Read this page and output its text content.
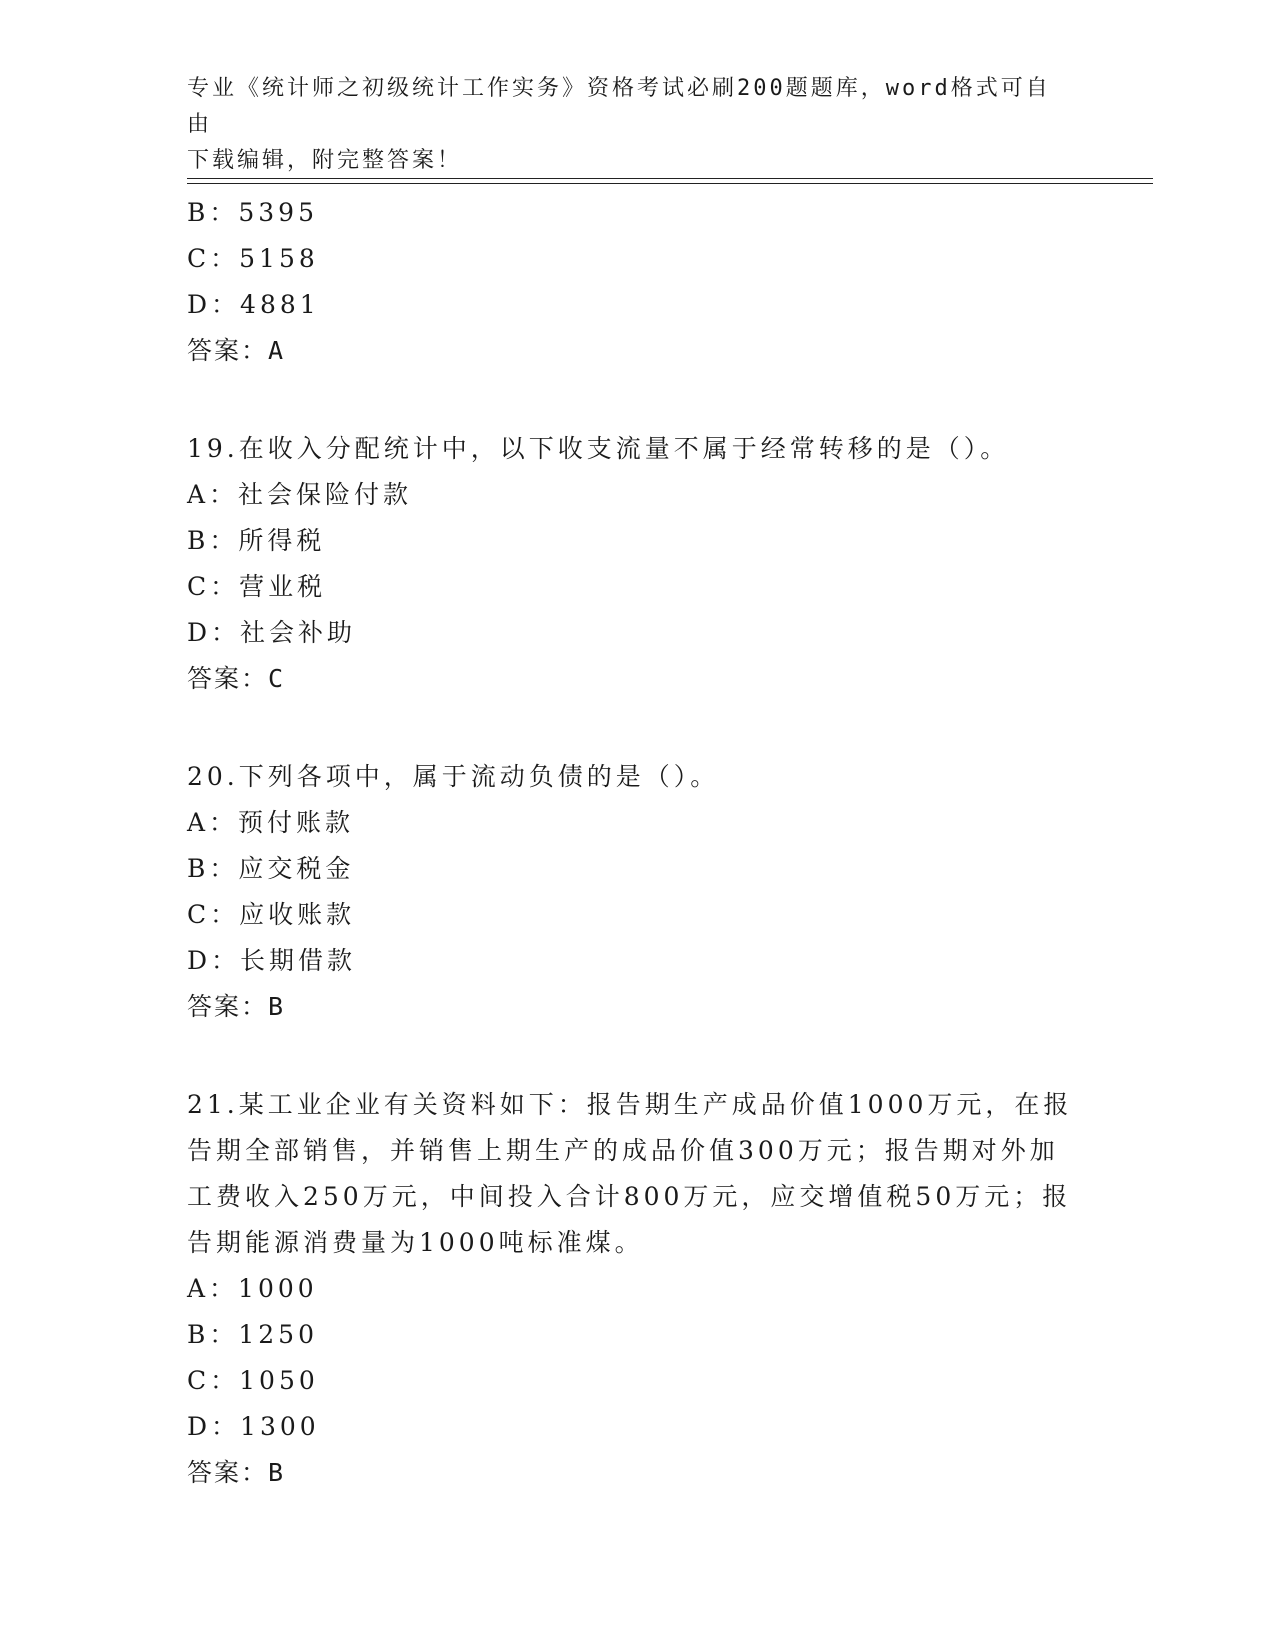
专业《统计师之初级统计工作实务》资格考试必刷200题题库，word格式可自由
下载编辑，附完整答案！
B：5395
C：5158
D：4881
答案：A
19.在收入分配统计中，以下收支流量不属于经常转移的是（）。
A：社会保险付款
B：所得税
C：营业税
D：社会补助
答案：C
20.下列各项中，属于流动负债的是（）。
A：预付账款
B：应交税金
C：应收账款
D：长期借款
答案：B
21.某工业企业有关资料如下：报告期生产成品价值1000万元，在报告期全部销售，并销售上期生产的成品价值300万元；报告期对外加工费收入250万元，中间投入合计800万元，应交增值税50万元；报告期能源消费量为1000吨标准煤。
A：1000
B：1250
C：1050
D：1300
答案：B
